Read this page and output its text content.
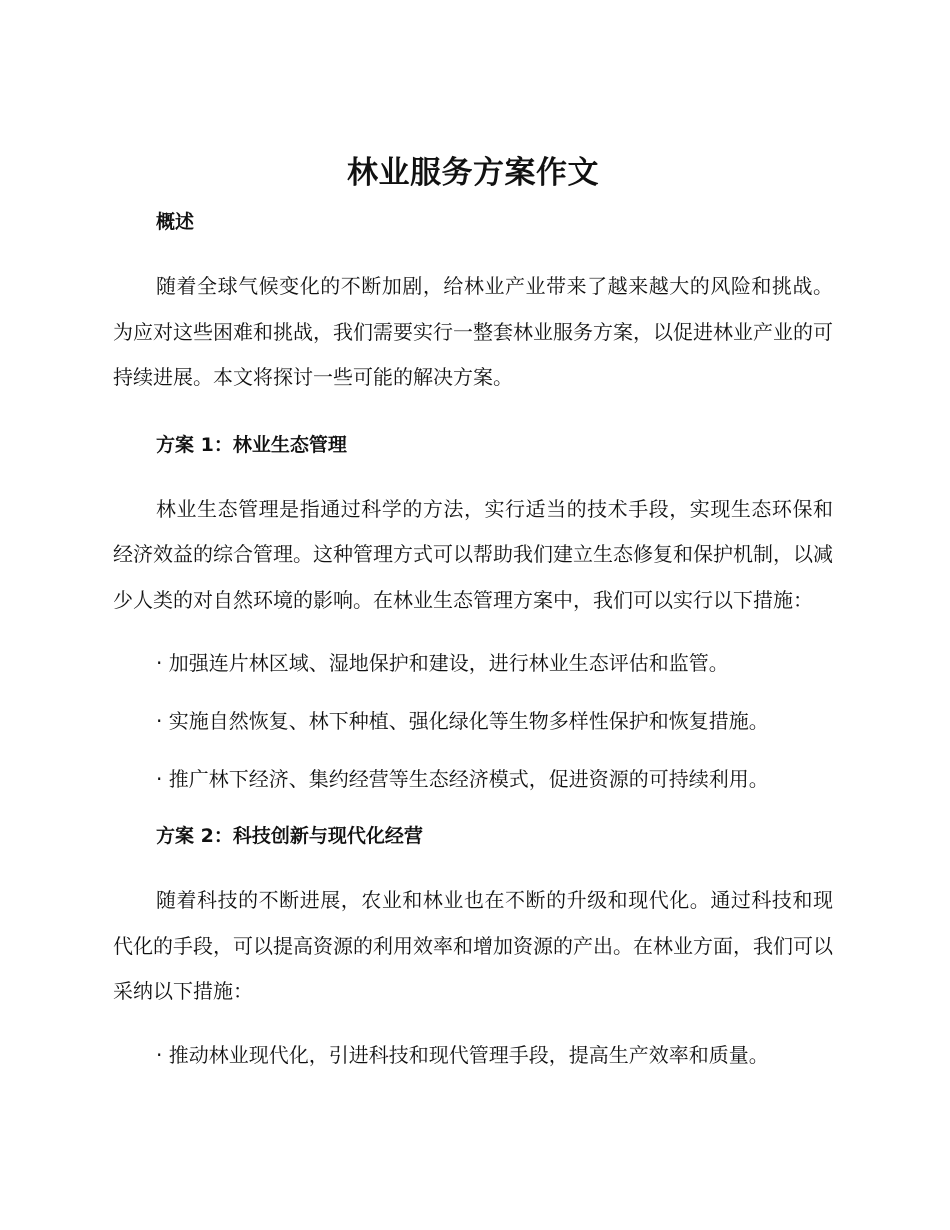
林业服务方案作文
概述

随着全球气候变化的不断加剧，给林业产业带来了越来越大的风险和挑战。为应对这些困难和挑战，我们需要实行一整套林业服务方案，以促进林业产业的可持续进展。本文将探讨一些可能的解决方案。

方案 1：林业生态管理

林业生态管理是指通过科学的方法，实行适当的技术手段，实现生态环保和经济效益的综合管理。这种管理方式可以帮助我们建立生态修复和保护机制，以减少人类的对自然环境的影响。在林业生态管理方案中，我们可以实行以下措施：

· 加强连片林区域、湿地保护和建设，进行林业生态评估和监管。

· 实施自然恢复、林下种植、强化绿化等生物多样性保护和恢复措施。

· 推广林下经济、集约经营等生态经济模式，促进资源的可持续利用。

方案 2：科技创新与现代化经营

随着科技的不断进展，农业和林业也在不断的升级和现代化。通过科技和现代化的手段，可以提高资源的利用效率和增加资源的产出。在林业方面，我们可以采纳以下措施：

· 推动林业现代化，引进科技和现代管理手段，提高生产效率和质量。
